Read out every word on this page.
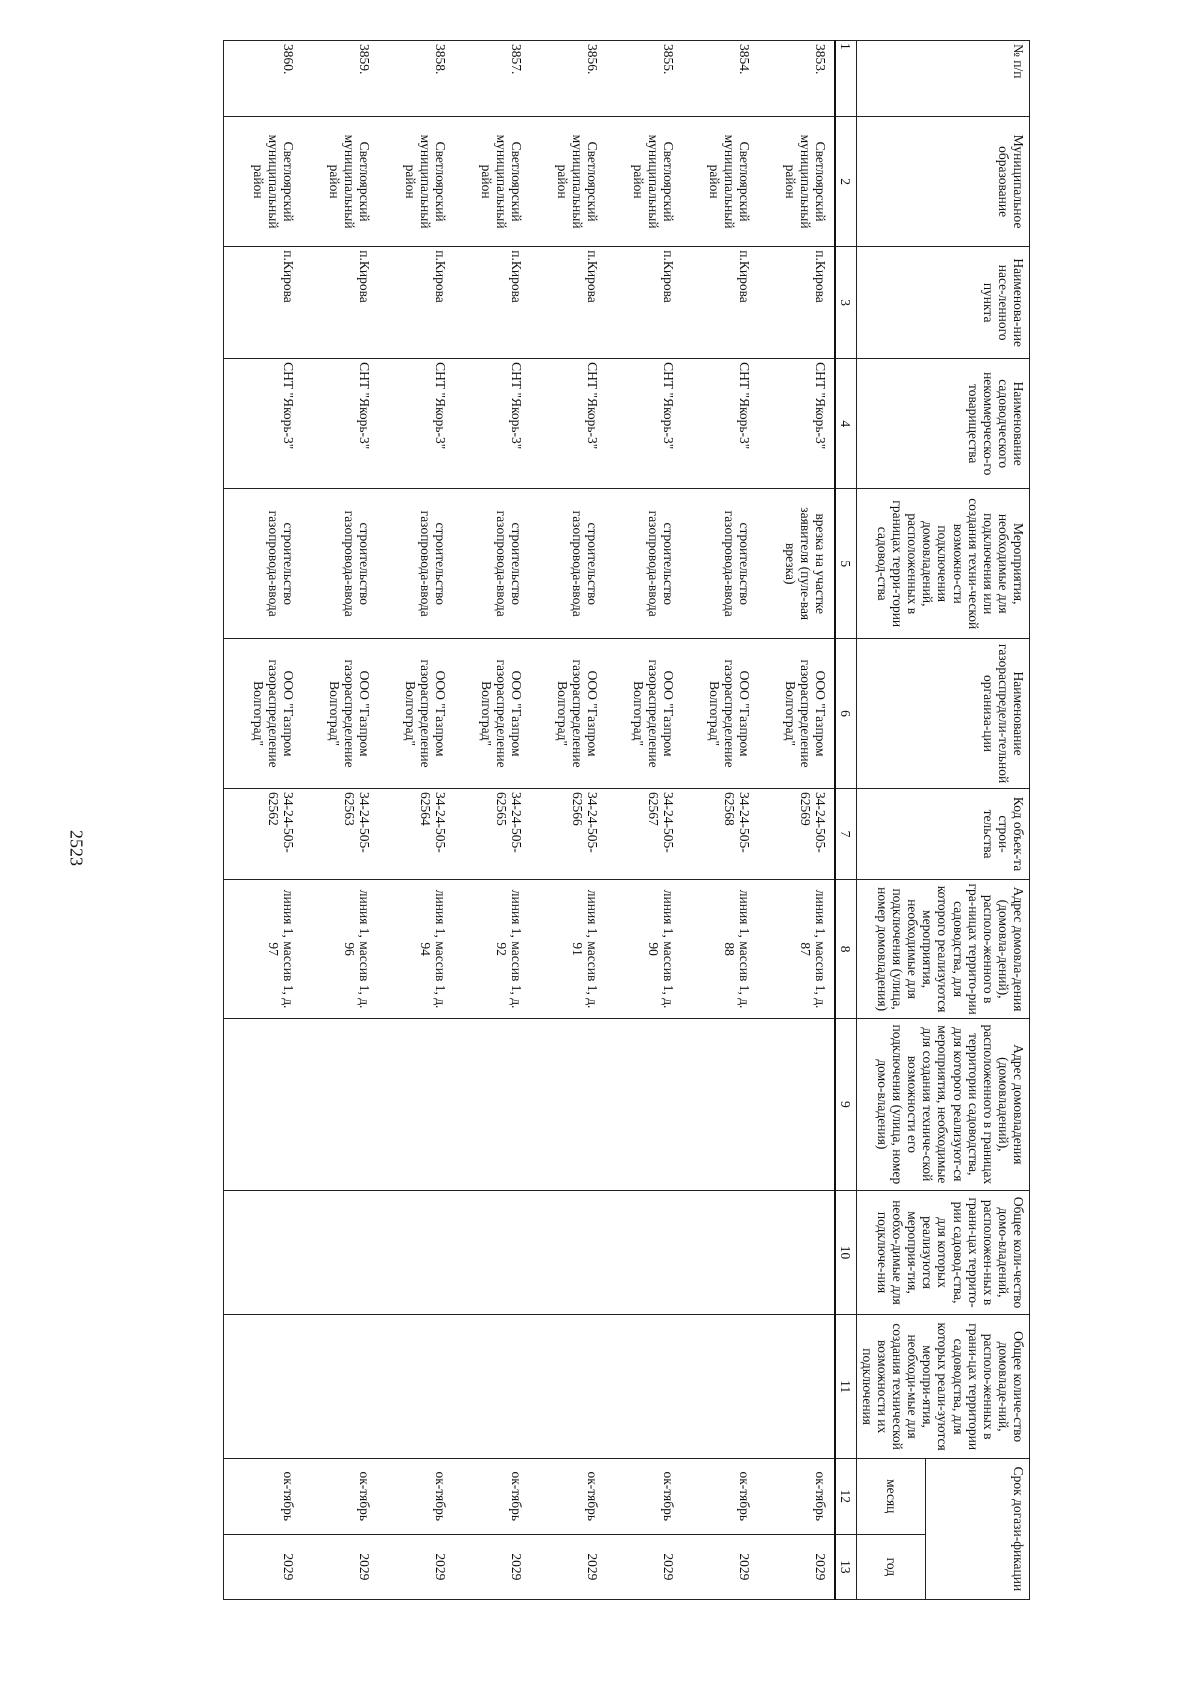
2523
№ п/п	Муниципальное образование	Наименова-ние насе-ленного пункта	Наименование садоводческого некоммерческо-го товарищества	Мероприятия, необходимые для подключения или создания техни-ческой возможно-сти подключения домовладений, расположенных в границах терри-тории садовод-ства	Наименование газораспредели-тельной организа-ции	Код объек-та строи-тельства	Адрес домовла-дения (домовла-дений), располо-женного в гра-ницах террито-рии садоводства, для которого реализуются мероприятия, необходимые для подключения (улица, номер домовладения)	Адрес домовладения (домовладений), расположенного в границах территории садоводства, для которого реализуют-ся мероприятия, необходимые для создания техниче-ской возможности его подключения (улица, номер домо-владения)	Общее коли-чество домо-владений, расположен-ных в грани-цах террито-рии садовод-ства, для которых реализуются мероприя-тия, необхо-димые для подключе-ния	Общее количе-ство домовладе-ний, располо-женных в грани-цах территории садоводства, для которых реали-зуются меропри-ятия, необходи-мые для создания технической возможности их подключения	Срок догази-фикации	
											месяц	год
1	2	3	4	5	6	7	8	9	10	11	12	13
3853.	Светлоярский муниципальный район	п.Кирова	СНТ "Якорь-3"	врезка на участке заявителя (пуле-вая врезка)	ООО "Газпром газораспределение Волгоград"	34-24-505-62569	линия 1, массив 1, д. 87				ок-тябрь	2029
3854.	Светлоярский муниципальный район	п.Кирова	СНТ "Якорь-3"	строительство газопровода-ввода	ООО "Газпром газораспределение Волгоград"	34-24-505-62568	линия 1, массив 1, д. 88				ок-тябрь	2029
3855.	Светлоярский муниципальный район	п.Кирова	СНТ "Якорь-3"	строительство газопровода-ввода	ООО "Газпром газораспределение Волгоград"	34-24-505-62567	линия 1, массив 1, д. 90				ок-тябрь	2029
3856.	Светлоярский муниципальный район	п.Кирова	СНТ "Якорь-3"	строительство газопровода-ввода	ООО "Газпром газораспределение Волгоград"	34-24-505-62566	линия 1, массив 1, д. 91				ок-тябрь	2029
3857.	Светлоярский муниципальный район	п.Кирова	СНТ "Якорь-3"	строительство газопровода-ввода	ООО "Газпром газораспределение Волгоград"	34-24-505-62565	линия 1, массив 1, д. 92				ок-тябрь	2029
3858.	Светлоярский муниципальный район	п.Кирова	СНТ "Якорь-3"	строительство газопровода-ввода	ООО "Газпром газораспределение Волгоград"	34-24-505-62564	линия 1, массив 1, д. 94				ок-тябрь	2029
3859.	Светлоярский муниципальный район	п.Кирова	СНТ "Якорь-3"	строительство газопровода-ввода	ООО "Газпром газораспределение Волгоград"	34-24-505-62563	линия 1, массив 1, д. 96				ок-тябрь	2029
3860.	Светлоярский муниципальный район	п.Кирова	СНТ "Якорь-3"	строительство газопровода-ввода	ООО "Газпром газораспределение Волгоград"	34-24-505-62562	линия 1, массив 1, д. 97				ок-тябрь	2029
